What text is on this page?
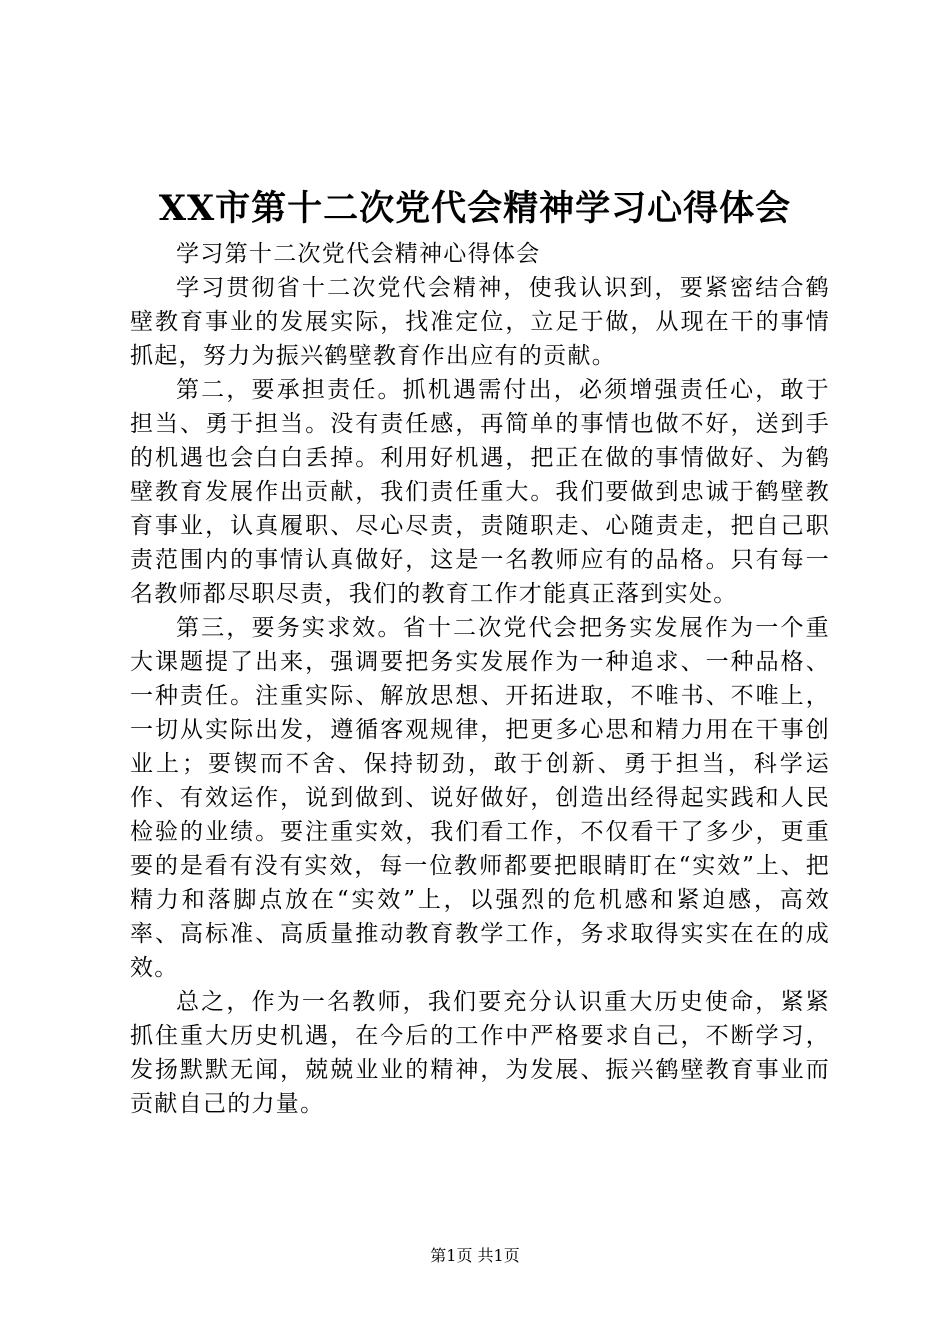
XX市第十二次党代会精神学习心得体会

学习第十二次党代会精神心得体会

学习贯彻省十二次党代会精神，使我认识到，要紧密结合鹤壁教育事业的发展实际，找准定位，立足于做，从现在干的事情抓起，努力为振兴鹤壁教育作出应有的贡献。

第二，要承担责任。抓机遇需付出，必须增强责任心，敢于担当、勇于担当。没有责任感，再简单的事情也做不好，送到手的机遇也会白白丢掉。利用好机遇，把正在做的事情做好、为鹤壁教育发展作出贡献，我们责任重大。我们要做到忠诚于鹤壁教育事业，认真履职、尽心尽责，责随职走、心随责走，把自己职责范围内的事情认真做好，这是一名教师应有的品格。只有每一名教师都尽职尽责，我们的教育工作才能真正落到实处。

第三，要务实求效。省十二次党代会把务实发展作为一个重大课题提了出来，强调要把务实发展作为一种追求、一种品格、一种责任。注重实际、解放思想、开拓进取，不唯书、不唯上，一切从实际出发，遵循客观规律，把更多心思和精力用在干事创业上；要锲而不舍、保持韧劲，敢于创新、勇于担当，科学运作、有效运作，说到做到、说好做好，创造出经得起实践和人民检验的业绩。要注重实效，我们看工作，不仅看干了多少，更重要的是看有没有实效，每一位教师都要把眼睛盯在“实效”上、把精力和落脚点放在“实效”上，以强烈的危机感和紧迫感，高效率、高标准、高质量推动教育教学工作，务求取得实实在在的成效。

总之，作为一名教师，我们要充分认识重大历史使命，紧紧抓住重大历史机遇，在今后的工作中严格要求自己，不断学习，发扬默默无闻，兢兢业业的精神，为发展、振兴鹤壁教育事业而贡献自己的力量。

第1页 共1页
